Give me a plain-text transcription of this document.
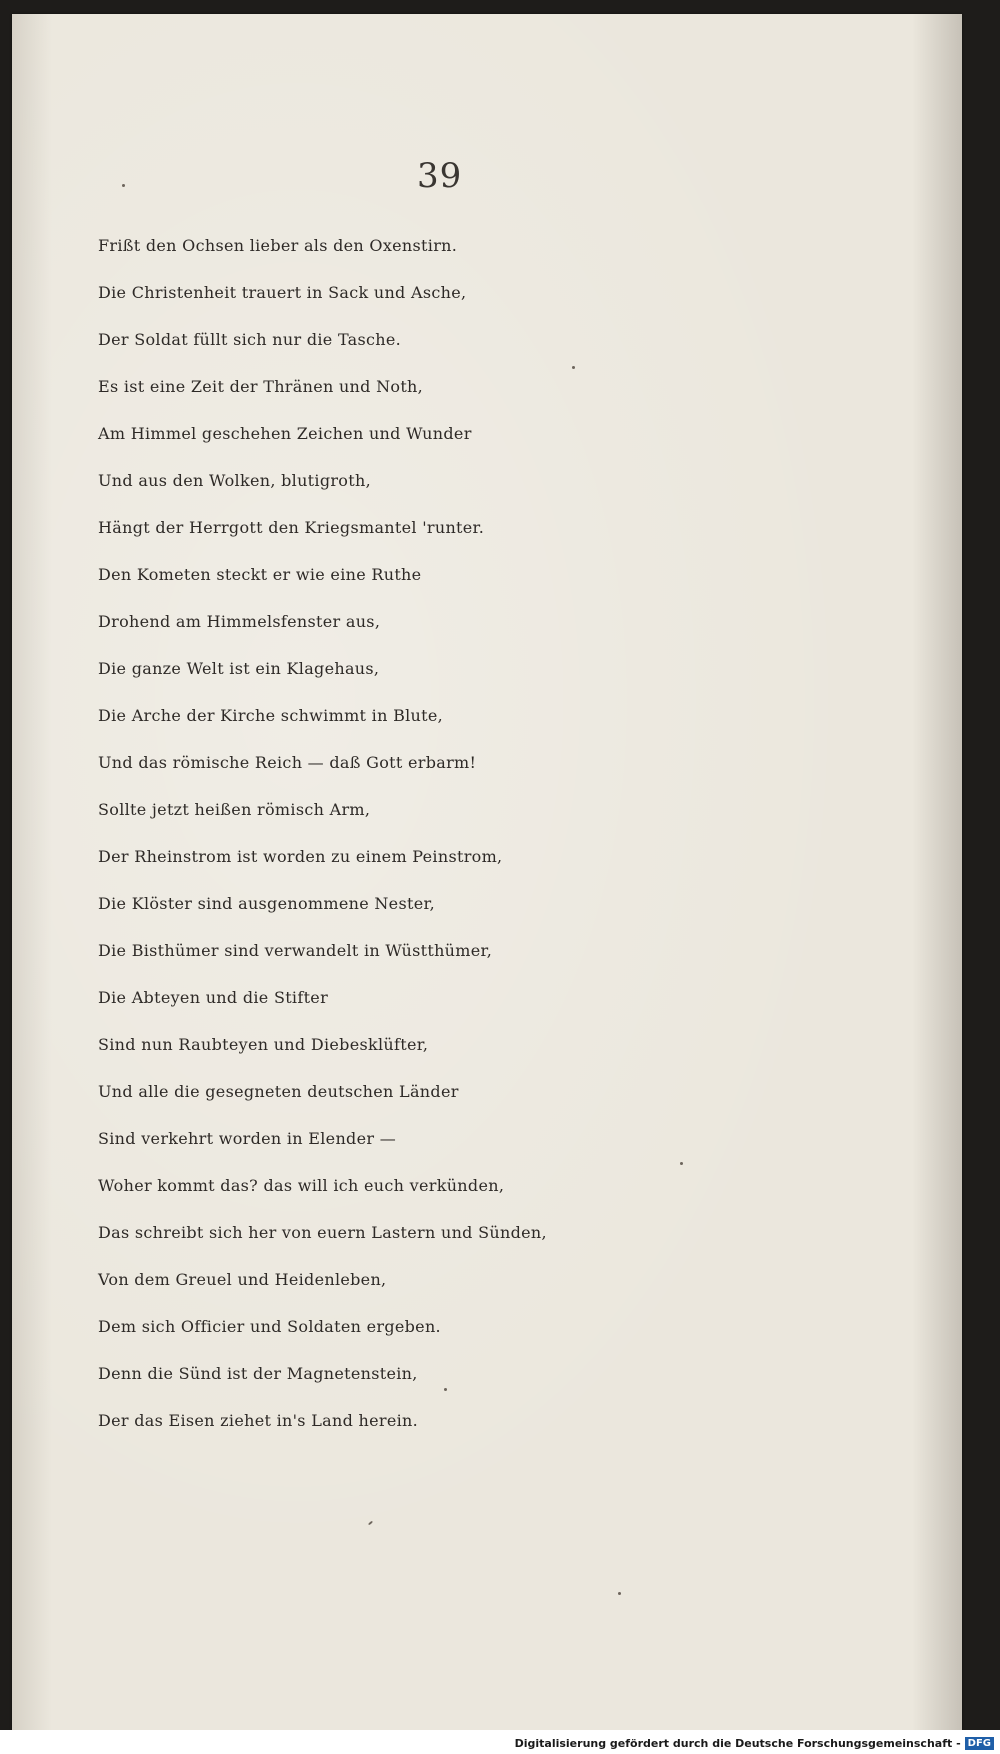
39
Frißt den Ochsen lieber als den Oxenstirn.
Die Christenheit trauert in Sack und Asche,
Der Soldat füllt sich nur die Tasche.
Es ist eine Zeit der Thränen und Noth,
Am Himmel geschehen Zeichen und Wunder
Und aus den Wolken, blutigroth,
Hängt der Herrgott den Kriegsmantel 'runter.
Den Kometen steckt er wie eine Ruthe
Drohend am Himmelsfenster aus,
Die ganze Welt ist ein Klagehaus,
Die Arche der Kirche schwimmt in Blute,
Und das römische Reich — daß Gott erbarm!
Sollte jetzt heißen römisch Arm,
Der Rheinstrom ist worden zu einem Peinstrom,
Die Klöster sind ausgenommene Nester,
Die Bisthümer sind verwandelt in Wüstthümer,
Die Abteyen und die Stifter
Sind nun Raubteyen und Diebesklüfter,
Und alle die gesegneten deutschen Länder
Sind verkehrt worden in Elender —
Woher kommt das? das will ich euch verkünden,
Das schreibt sich her von euern Lastern und Sünden,
Von dem Greuel und Heidenleben,
Dem sich Officier und Soldaten ergeben.
Denn die Sünd ist der Magnetenstein,
Der das Eisen ziehet in's Land herein.
Digitalisierung gefördert durch die Deutsche Forschungsgemeinschaft - DFG
